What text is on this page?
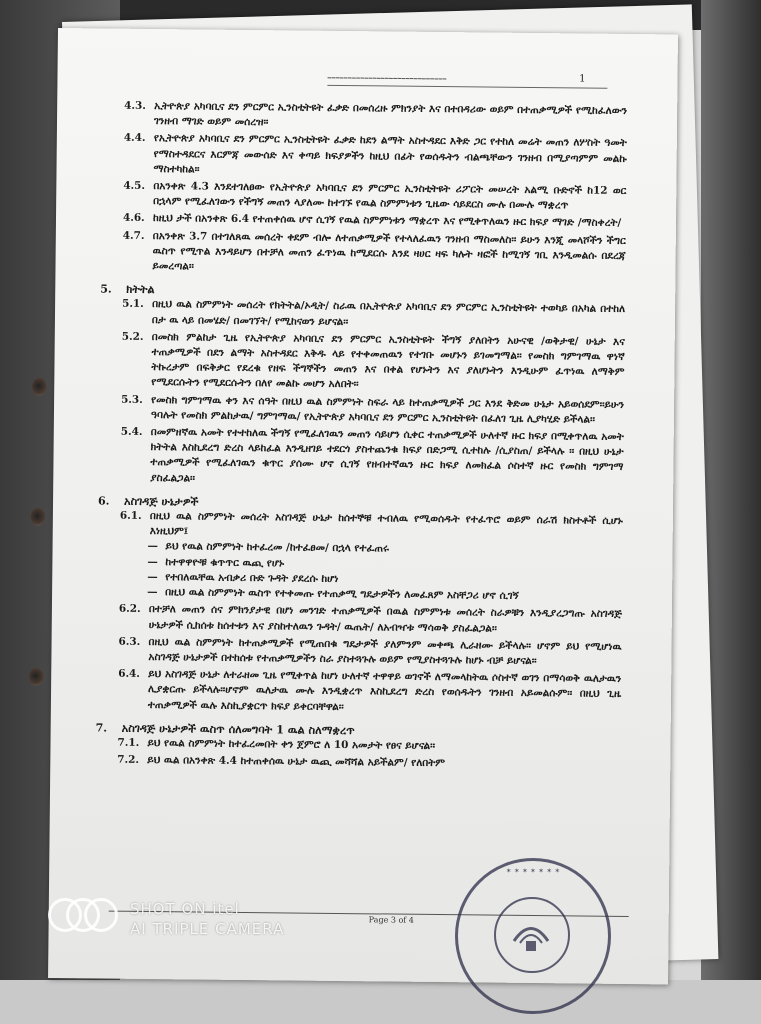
━━━━━━━━━━━━━━━━━━━━━━━━━━━━━	1
4.3. ኢትዮጵያ አካባቢና ደን ምርምር ኢንስቲትዩት ፈቃድ በመሰረዙ ምክንያት እና በተበዳሪው ወይም በተጠቃሚዎች የሚከፈለውን ገንዘብ ማገድ ወይም መሰረዝ፡፡
4.4. የኢትዮጵያ አካባቢና ደን ምርምር ኢንስቲትዩት ፈቃድ ከደን ልማት አስተዳደር እቅድ ጋር የተከለ መሬት መጠን ለሦስት ዓመት የማስተዳደርና እርምጃ መውሰድ እና ቀጣይ ክፍያዎችን ከዚህ በፊት የወሰዱትን ብልጫቸውን ገንዘብ በሚያጣምም መልኩ ማስተካከል፡፡
4.5. በአንቀጽ 4.3 እንደተገለፀው የኢትዮጵያ አካባቢና ደን ምርምር ኢንስቲትዩት ሪፖርት መሠረት አልሚ ቡድኖች ከ12 ወር በኋላም የሚፈለገውን የችግኝ መጠን ላያለሙ ከተገኙ የዉል ስምምነቱን ጊዜው ሳይደርስ ሙሉ በሙሉ ማቋረጥ
4.6. ከዚህ ታች በአንቀጽ 6.4 የተጠቀሰዉ ሆኖ ሲገኝ የዉል ስምምነቱን ማቋረጥ እና የሚቀጥለዉን ዙር ክፍያ ማገድ /ማስቀረት/
4.7. በአንቀጽ 3.7 በተገለጸዉ መሰረት ቀደም ብሎ ለተጠቃሚዎች የተላለፈዉን ገንዘብ ማስመለስ፡፡ ይሁን እንጂ መላሾችን ችግር ዉስጥ የሚጥል እንዳይሆን በተቻለ መጠን ፈጥነዉ ከሚደርሱ እንደ ዛሀር ዛፍ ካሉት ዛፎች ከሚገኝ ገቢ እንዲመልሱ በደረጃ ይመረጣል፡፡
5.	ክትትል
5.1. በዚህ ዉል ስምምነት መሰረት የክትትል/ኦዲት/ ስራዉ በኢትዮጵያ አካባቢና ደን ምርምር ኢንስቲትዩት ተወካይ በአካል በተከለ በታ ዉ ላይ በመሄድ/ በመገኘት/ የሚከናወን ይሆናል፡፡
5.2. በመስክ ምልከታ ጊዜ የኢትዮጵያ አካባቢና ደን ምርምር ኢንስቲትዩት ችግኝ ያለበትን አሁናዊ /ወቅታዊ/ ሁኔታ እና ተጠቃሚዎች በደን ልማት አስተዳደር እቅዱ ላይ የተቀመጠዉን የተገቡ መሆኑን ይገመግማል፡፡ የመስክ ግምገማዉ ዋነኛ ትኩረታም በፍቅቃር የደረቁ የዘፍ ችግኞችን መጠን እና በቀል የሆኑትን እና ያለሆኑትን እንዲሁም ፈጥነዉ ለማቅም የሚደርሱትን የሚደርሱትን በለየ መልኩ መሆን አለበት፡፡
5.3. የመስክ ግምገማዉ ቀን እና ሰዓት በዚህ ዉል ስምምነት ስፍራ ላይ ከተጠቃሚዎች ጋር እንደ ቅድመ ሁኔታ አይወሰደም፡፡ይሁን ዓባሉት የመስክ ምልከታዉ/ ግምገማዉ/ የኢትዮጵያ አካባቢና ደን ምርምር ኢንስቲትዩት በፈለገ ጊዜ ሊያካሂድ ይችላል፡፡
5.4. በመምዘኛዉ አመት የተተከለዉ ችግኝ የሚፈለገዉን መጠን ሳይሆን ሲቀር ተጠቃሚዎች ሁለተኛ ዙር ክፍያ በሚቀጥለዉ አመት ክትትል እስኪደረግ ድረስ ላይከፈል እንዲዘገይ ተደርጎ ያስተጨንቁ ክፍያ በድጋሚ ሲተከሉ /ሲያስጠ/ ይችላሉ ፡፡ በዚህ ሁኔታ ተጠቃሚዎች የሚፈለገዉን ቁጥር ያሰሙ ሆኖ ሲገኝ የዘብተኛዉን ዙር ክፍያ ለመክፈል ሶስተኛ ዙር የመስክ ግምገማ ያስፈልጋል፡፡
6.	አስገዳጅ ሁኔታዎች
6.1. በዚህ ዉል ስምምነት መሰረት አስገዳጅ ሁኔታ ከሰተኞቹ ተብለዉ የሚወሰዱት የተፈጥሮ ወይም ሰራሽ ክስተቶች ሲሆኑ እነዚህም፤
— ይህ የዉል ስምምነት ከተፈረመ /ከተፈፀመ/ በኋላ የተፈጠሩ
— ከተዋዋዮቹ ቁጥጥር ዉጪ የሆኑ
— የተበለዉቸዉ አብቃሪ ቡድ ጉዳት ያደረሱ ከሆነ
— በዚህ ዉል ስምምነት ዉስጥ የተቀመጡ የተጠቃሚ ግዴታዎችን ለመፈጸም አስቸጋሪ ሆኖ ሲገኝ
6.2. በተቻለ መጠን ሰና ምክንያታዊ በሆነ መንገድ ተጠቃሚዎች በዉል ስምምነቱ መሰረት ስራዎቹን እንዲያረጋግጡ አስገዳጅ ሁኔታዎች ሲከሰቱ ከሰተቱን እና ያስከተለዉን ጉዳት/ ዉጤት/ ለአብዣቱ ማሳወቅ ያስፈልጋል፡፡
6.3. በዚህ ዉል ስምምነት ከተጠቃሚዎች የሚጠበቁ ግዴታዎች ያለምንም መቀጫ ሊራዘሙ ይችላሉ፡፡ ሆኖም ይህ የሚሆነዉ አስገዳጅ ሁኔታዎች በተከሰቱ የተጠቃሚዎችን ስራ ያስተጓጉሉ ወይም የሚያስተጓጉሉ ከሆኑ ብቻ ይሆናል፡፡
6.4. ይህ አስገዳጅ ሁኔታ ለተራዘመ ጊዜ የሚቀጥል ከሆነ ሁለተኛ ተዋዋይ ወገኖች ለማመላከትዉ ሶስተኛ ወገን በማሳወቅ ዉለታዉን ሊያቋርጡ ይችላሉ፡፡ሆኖም ዉለታዉ ሙሉ እንዲቋረጥ እስኪደረግ ድረስ የወሰዱትን ገንዘብ አይመልሱም፡፡ በዚህ ጊዜ ተጠቃሚዎች ዉሉ እስኪያቋርጥ ክፍያ ይቀርባቸዋል፡፡
7.	አስገዳጅ ሁኔታዎች ዉስጥ ሰለመግባት 1 ዉል ስለማቋረጥ
7.1. ይህ የዉል ስምምነት ከተፈረመበት ቀን ጀምሮ ለ 10 አመታት የፀና ይሆናል፡፡
7.2. ይህ ዉል በአንቀጽ 4.4 ከተጠቀሰዉ ሁኔታ ዉጪ መሻሻል አይችልም/ የለበትም
Page 3 of 4
✶ ✶ ✶ ✶ ✶ ✶ ✶
SHOT ON itel
AI TRIPLE CAMERA
